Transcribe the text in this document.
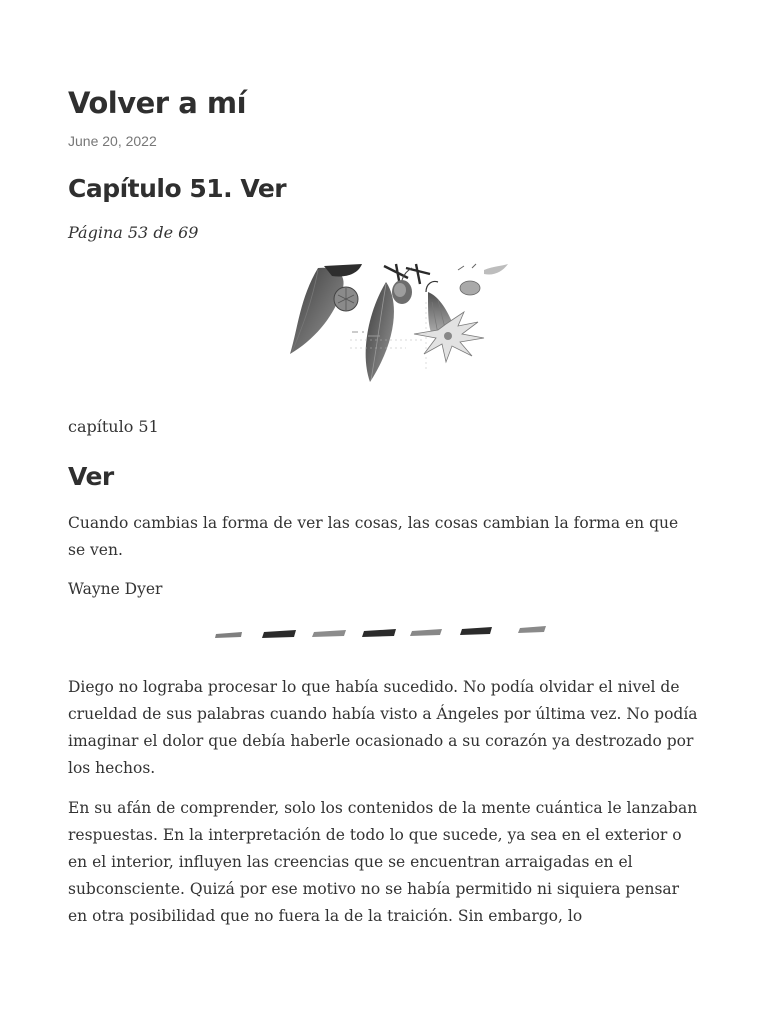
Volver a mí
June 20, 2022
Capítulo 51. Ver
Página 53 de 69
capítulo 51
Ver

Cuando cambias la forma de ver las cosas, las cosas cambian la forma en que se ven.

Wayne Dyer

Diego no lograba procesar lo que había sucedido. No podía olvidar el nivel de crueldad de sus palabras cuando había visto a Ángeles por última vez. No podía imaginar el dolor que debía haberle ocasionado a su corazón ya destrozado por los hechos.

En su afán de comprender, solo los contenidos de la mente cuántica le lanzaban respuestas. En la interpretación de todo lo que sucede, ya sea en el exterior o en el interior, influyen las creencias que se encuentran arraigadas en el subconsciente. Quizá por ese motivo no se había permitido ni siquiera pensar en otra posibilidad que no fuera la de la traición. Sin embargo, lo
